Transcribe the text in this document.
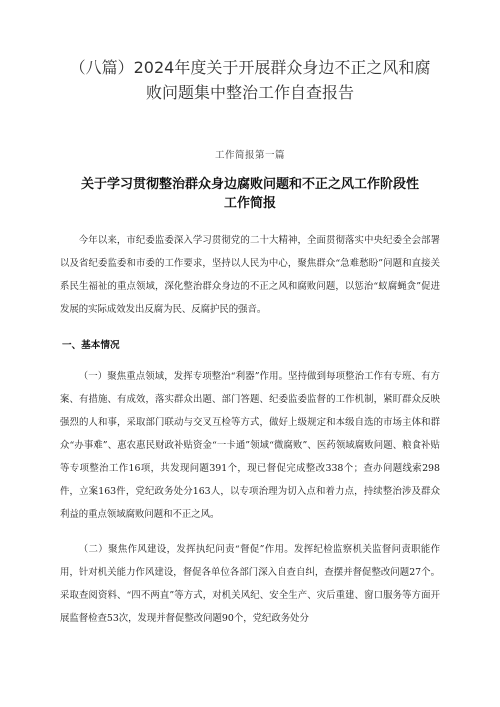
（八篇）2024年度关于开展群众身边不正之风和腐
败问题集中整治工作自查报告
工作简报第一篇
关于学习贯彻整治群众身边腐败问题和不正之风工作阶段性
工作简报

今年以来，市纪委监委深入学习贯彻党的二十大精神，全面贯彻落实中央纪委全会部署以及省纪委监委和市委的工作要求，坚持以人民为中心，聚焦群众“急难愁盼”问题和直接关系民生福祉的重点领域，深化整治群众身边的不正之风和腐败问题，以惩治“蚁腐蝇贪”促进发展的实际成效发出反腐为民、反腐护民的强音。

一、基本情况

（一）聚焦重点领域，发挥专项整治“利器”作用。坚持做到每项整治工作有专班、有方案、有措施、有成效，落实群众出题、部门答题、纪委监委监督的工作机制，紧盯群众反映强烈的人和事，采取部门联动与交叉互检等方式，做好上级规定和本级自选的市场主体和群众“办事难”、惠农惠民财政补贴资金“一卡通”领域“微腐败”、医药领域腐败问题、粮食补贴等专项整治工作16项，共发现问题391个，现已督促完成整改338个；查办问题线索298件，立案163件，党纪政务处分163人，以专项治理为切入点和着力点，持续整治涉及群众利益的重点领域腐败问题和不正之风。

（二）聚焦作风建设，发挥执纪问责“督促”作用。发挥纪检监察机关监督问责职能作用，针对机关能力作风建设，督促各单位各部门深入自查自纠，查摆并督促整改问题27个。采取查阅资料、“四不两直”等方式，对机关风纪、安全生产、灾后重建、窗口服务等方面开展监督检查53次，发现并督促整改问题90个，党纪政务处分
